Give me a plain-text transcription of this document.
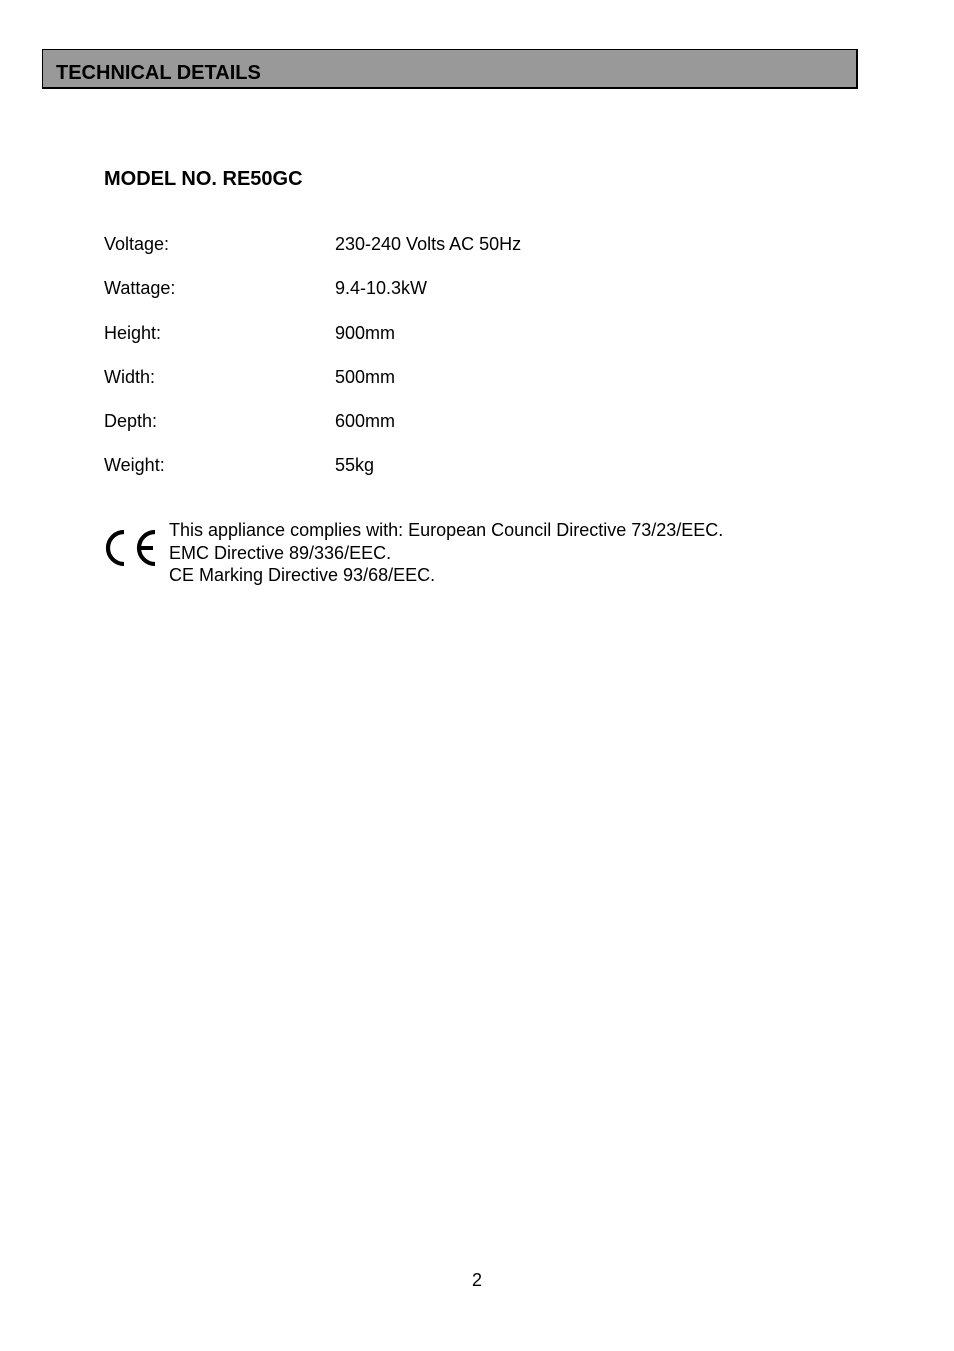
TECHNICAL DETAILS
MODEL NO. RE50GC
Voltage:	230-240 Volts AC 50Hz
Wattage:	9.4-10.3kW
Height:	900mm
Width:	500mm
Depth:	600mm
Weight:	55kg
This appliance complies with: European Council Directive 73/23/EEC.
EMC Directive 89/336/EEC.
CE Marking Directive 93/68/EEC.
2
